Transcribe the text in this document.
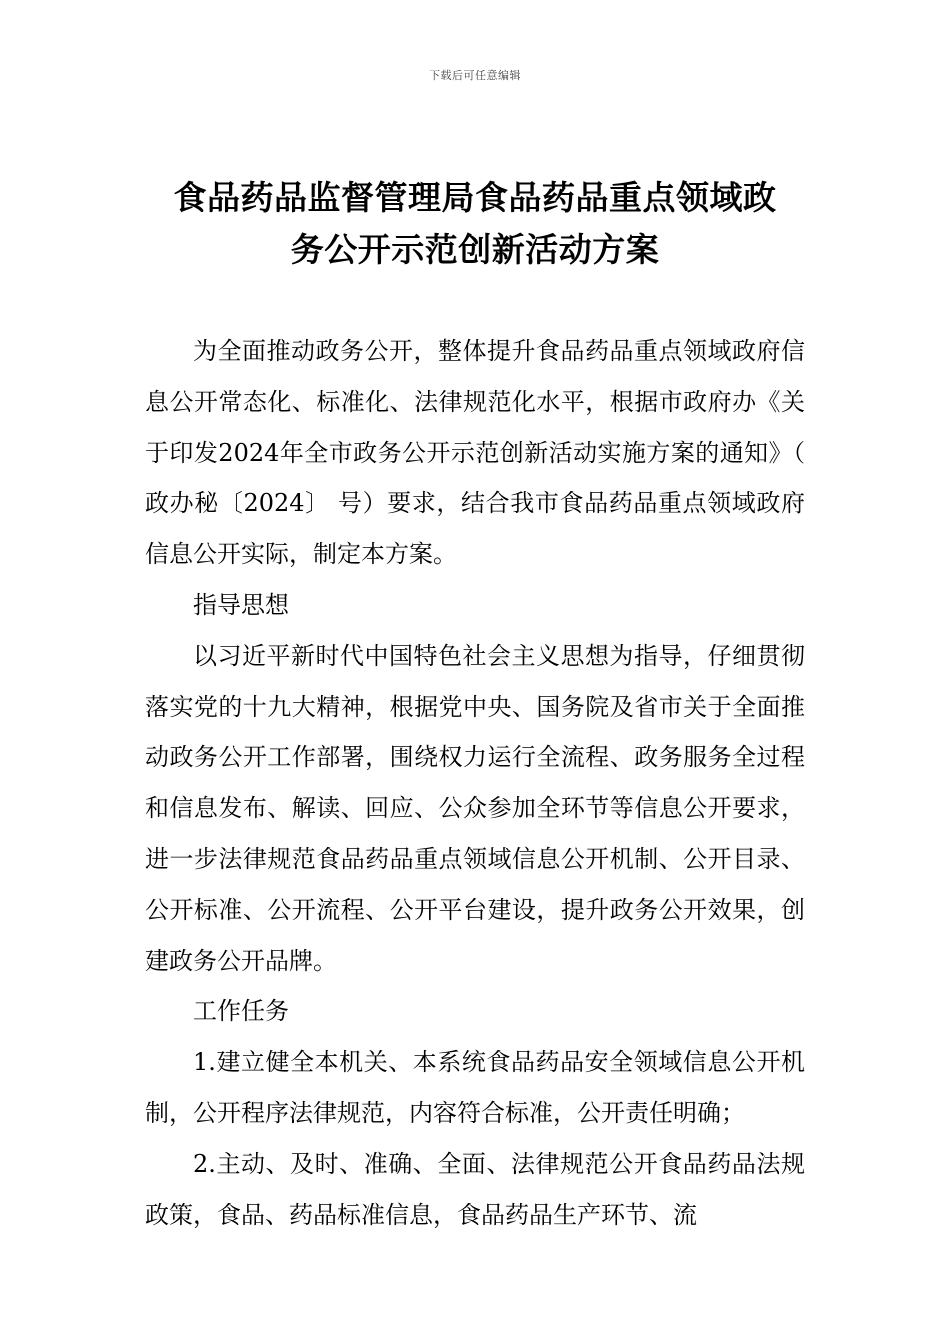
下载后可任意编辑
食品药品监督管理局食品药品重点领域政
务公开示范创新活动方案

为全面推动政务公开，整体提升食品药品重点领域政府信息公开常态化、标准化、法律规范化水平，根据市政府办《关于印发2024年全市政务公开示范创新活动实施方案的通知》（ 政办秘〔2024〕 号）要求，结合我市食品药品重点领域政府信息公开实际，制定本方案。

指导思想

以习近平新时代中国特色社会主义思想为指导，仔细贯彻落实党的十九大精神，根据党中央、国务院及省市关于全面推动政务公开工作部署，围绕权力运行全流程、政务服务全过程和信息发布、解读、回应、公众参加全环节等信息公开要求，进一步法律规范食品药品重点领域信息公开机制、公开目录、公开标准、公开流程、公开平台建设，提升政务公开效果，创建政务公开品牌。

工作任务

1.建立健全本机关、本系统食品药品安全领域信息公开机制，公开程序法律规范，内容符合标准，公开责任明确；

2.主动、及时、准确、全面、法律规范公开食品药品法规政策，食品、药品标准信息，食品药品生产环节、流
